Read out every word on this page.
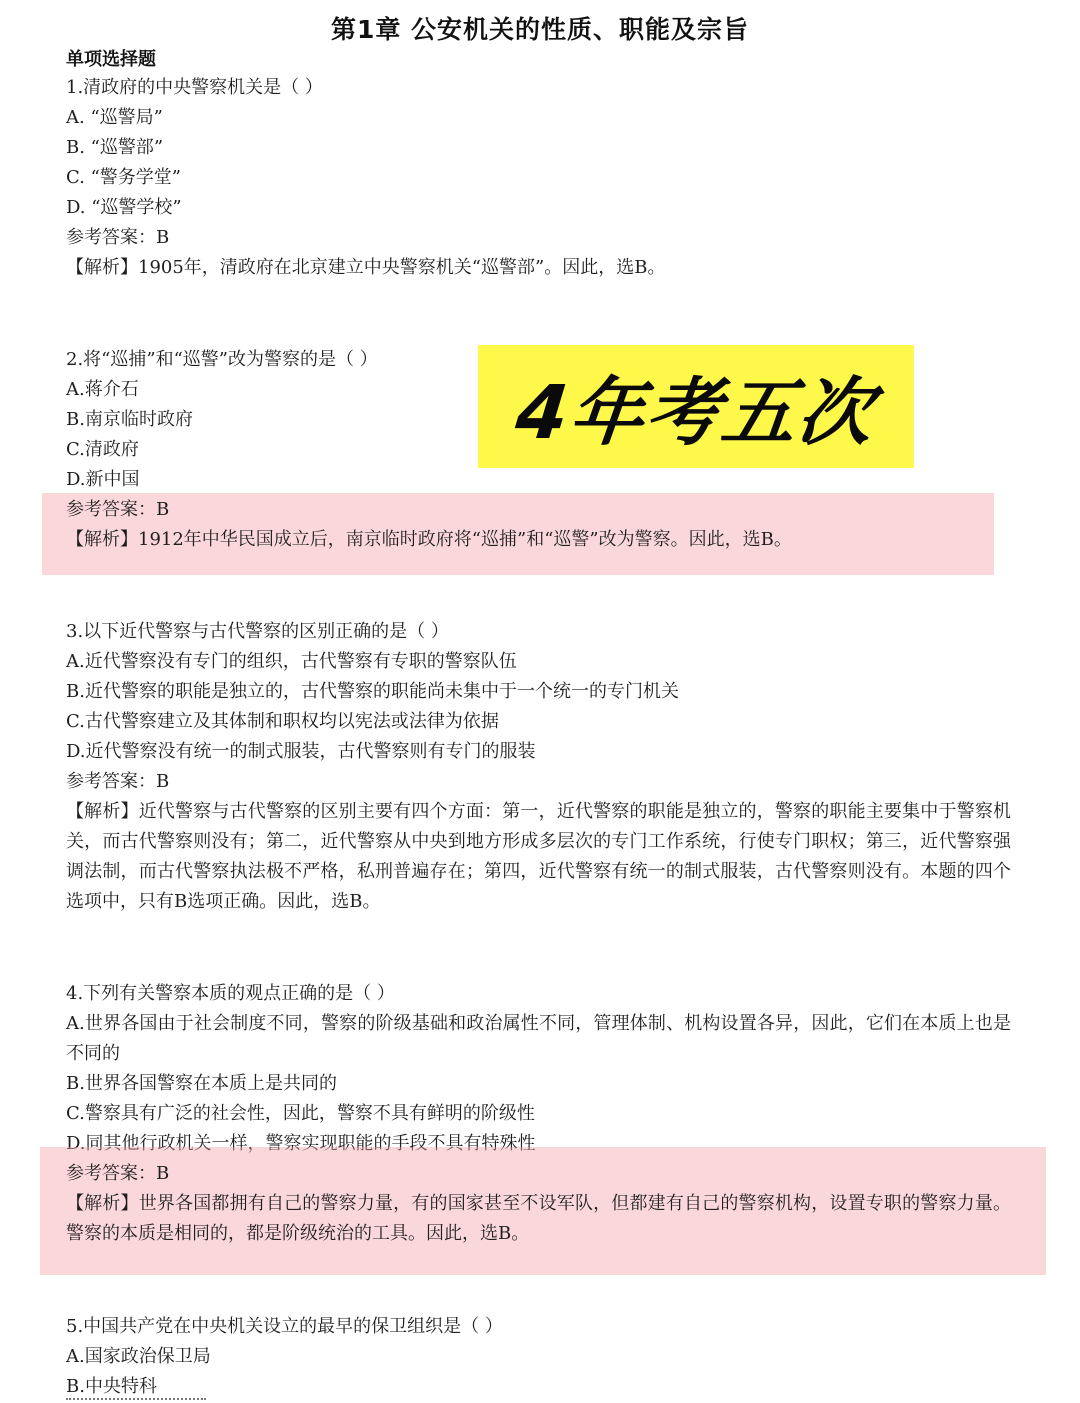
第1章 公安机关的性质、职能及宗旨
单项选择题
1.清政府的中央警察机关是（ ）
A. “巡警局”
B. “巡警部”
C. “警务学堂”
D. “巡警学校”
参考答案：B
【解析】1905年，清政府在北京建立中央警察机关“巡警部”。因此，选B。
2.将“巡捕”和“巡警”改为警察的是（ ）
A.蒋介石
B.南京临时政府
C.清政府
D.新中国
参考答案：B
【解析】1912年中华民国成立后，南京临时政府将“巡捕”和“巡警”改为警察。因此，选B。
4年考五次
3.以下近代警察与古代警察的区别正确的是（ ）
A.近代警察没有专门的组织，古代警察有专职的警察队伍
B.近代警察的职能是独立的，古代警察的职能尚未集中于一个统一的专门机关
C.古代警察建立及其体制和职权均以宪法或法律为依据
D.近代警察没有统一的制式服装，古代警察则有专门的服装
参考答案：B
【解析】近代警察与古代警察的区别主要有四个方面：第一，近代警察的职能是独立的，警察的职能主要集中于警察机关，而古代警察则没有；第二，近代警察从中央到地方形成多层次的专门工作系统，行使专门职权；第三，近代警察强调法制，而古代警察执法极不严格，私刑普遍存在；第四，近代警察有统一的制式服装，古代警察则没有。本题的四个选项中，只有B选项正确。因此，选B。
4.下列有关警察本质的观点正确的是（ ）
A.世界各国由于社会制度不同，警察的阶级基础和政治属性不同，管理体制、机构设置各异，因此，它们在本质上也是不同的
B.世界各国警察在本质上是共同的
C.警察具有广泛的社会性，因此，警察不具有鲜明的阶级性
D.同其他行政机关一样，警察实现职能的手段不具有特殊性
参考答案：B
【解析】世界各国都拥有自己的警察力量，有的国家甚至不设军队，但都建有自己的警察机构，设置专职的警察力量。警察的本质是相同的，都是阶级统治的工具。因此，选B。
5.中国共产党在中央机关设立的最早的保卫组织是（ ）
A.国家政治保卫局
B.中央特科
